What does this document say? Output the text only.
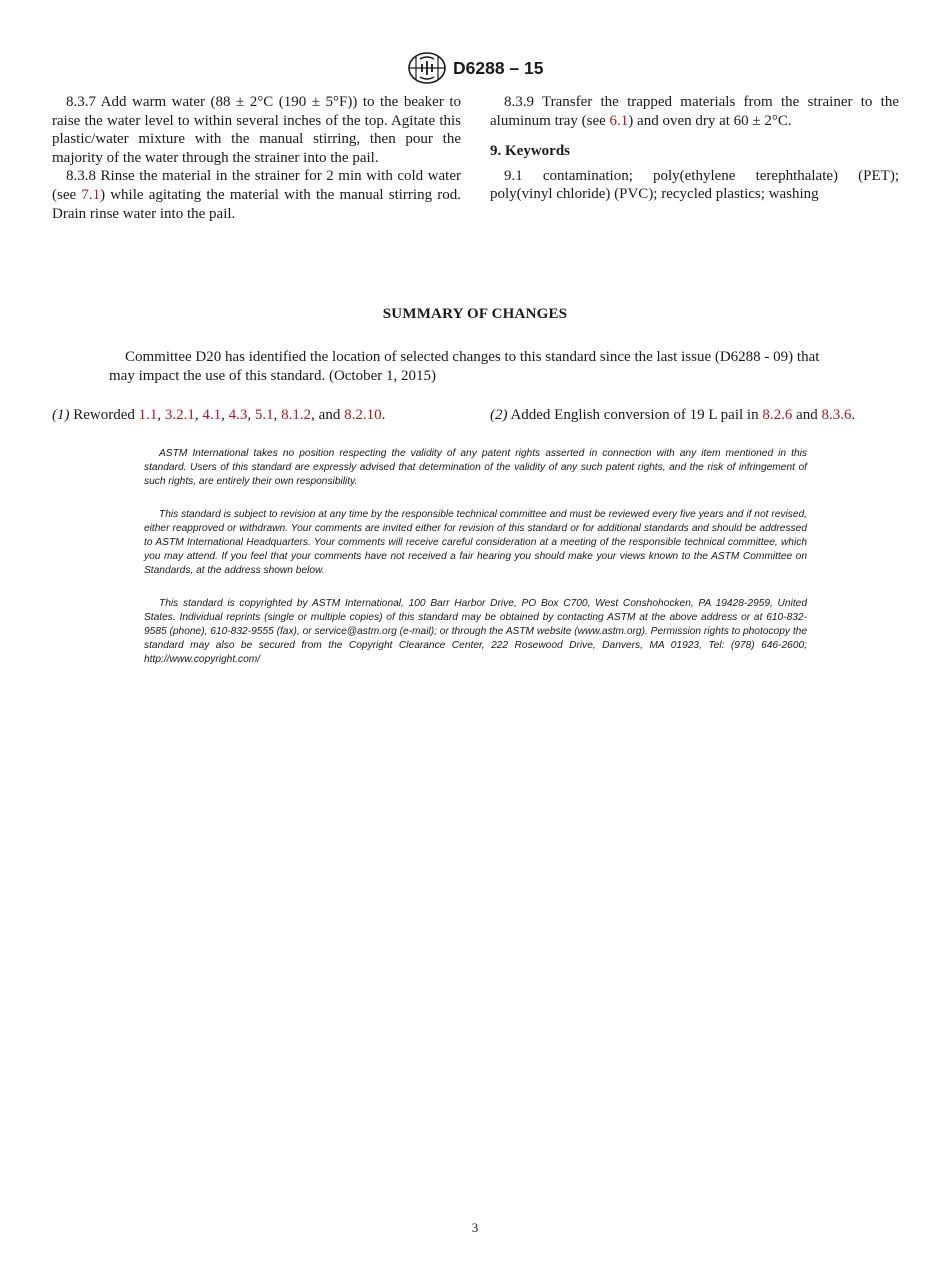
D6288 – 15

8.3.7 Add warm water (88 ± 2°C (190 ± 5°F)) to the beaker to raise the water level to within several inches of the top. Agitate this plastic/water mixture with the manual stirring, then pour the majority of the water through the strainer into the pail.

8.3.8 Rinse the material in the strainer for 2 min with cold water (see 7.1) while agitating the material with the manual stirring rod. Drain rinse water into the pail.

8.3.9 Transfer the trapped materials from the strainer to the aluminum tray (see 6.1) and oven dry at 60 ± 2°C.

9. Keywords

9.1 contamination; poly(ethylene terephthalate) (PET); poly(vinyl chloride) (PVC); recycled plastics; washing

SUMMARY OF CHANGES
Committee D20 has identified the location of selected changes to this standard since the last issue (D6288 - 09) that may impact the use of this standard. (October 1, 2015)
(1) Reworded 1.1, 3.2.1, 4.1, 4.3, 5.1, 8.1.2, and 8.2.10.	(2) Added English conversion of 19 L pail in 8.2.6 and 8.3.6.

ASTM International takes no position respecting the validity of any patent rights asserted in connection with any item mentioned in this standard. Users of this standard are expressly advised that determination of the validity of any such patent rights, and the risk of infringement of such rights, are entirely their own responsibility.

This standard is subject to revision at any time by the responsible technical committee and must be reviewed every five years and if not revised, either reapproved or withdrawn. Your comments are invited either for revision of this standard or for additional standards and should be addressed to ASTM International Headquarters. Your comments will receive careful consideration at a meeting of the responsible technical committee, which you may attend. If you feel that your comments have not received a fair hearing you should make your views known to the ASTM Committee on Standards, at the address shown below.

This standard is copyrighted by ASTM International, 100 Barr Harbor Drive, PO Box C700, West Conshohocken, PA 19428-2959, United States. Individual reprints (single or multiple copies) of this standard may be obtained by contacting ASTM at the above address or at 610-832-9585 (phone), 610-832-9555 (fax), or service@astm.org (e-mail); or through the ASTM website (www.astm.org). Permission rights to photocopy the standard may also be secured from the Copyright Clearance Center, 222 Rosewood Drive, Danvers, MA 01923, Tel: (978) 646-2600; http://www.copyright.com/

3
